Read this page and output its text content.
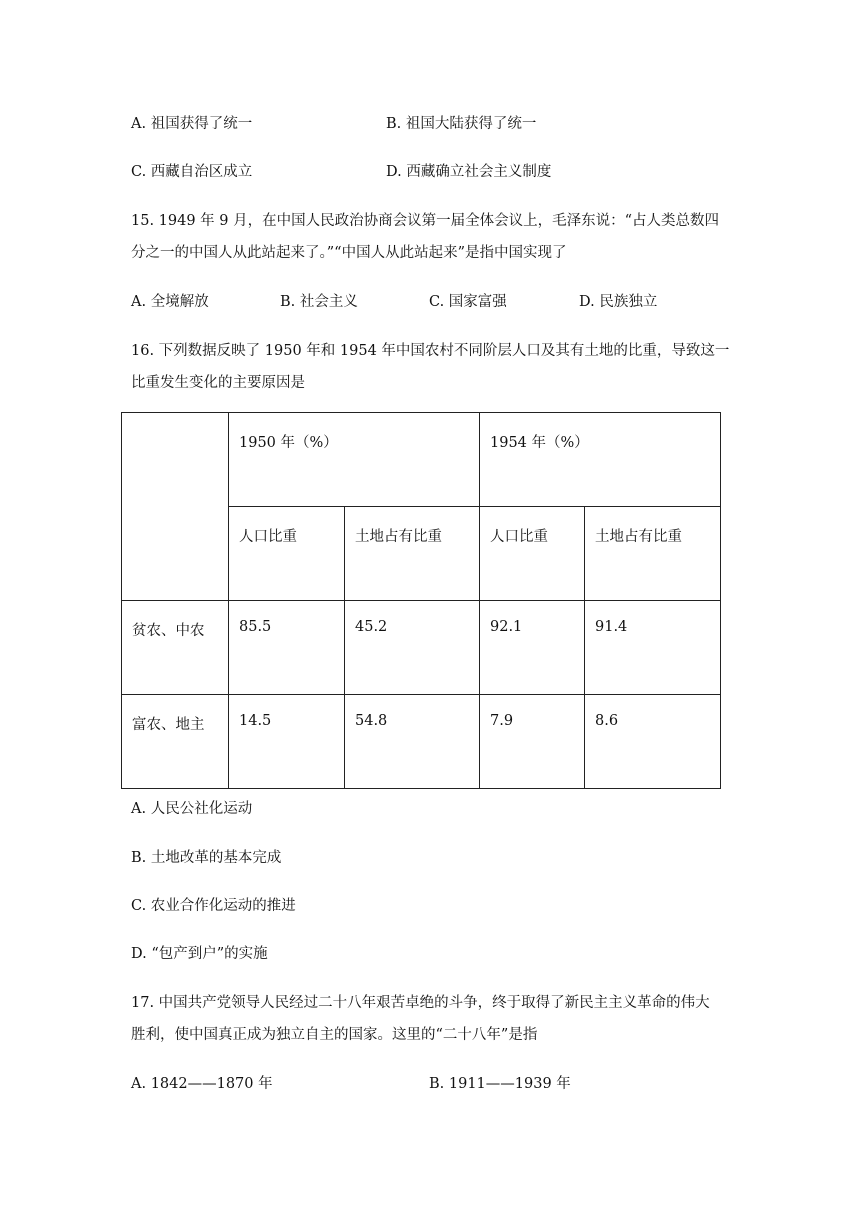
A. 祖国获得了统一	B. 祖国大陆获得了统一
C. 西藏自治区成立	D. 西藏确立社会主义制度
15. 1949 年 9 月，在中国人民政治协商会议第一届全体会议上，毛泽东说：“占人类总数四
分之一的中国人从此站起来了。”“中国人从此站起来”是指中国实现了
A. 全境解放	B. 社会主义	C. 国家富强	D. 民族独立
16. 下列数据反映了 1950 年和 1954 年中国农村不同阶层人口及其有土地的比重，导致这一
比重发生变化的主要原因是
	1950 年（%）		1954 年（%）	
	人口比重	土地占有比重	人口比重	土地占有比重
贫农、中农	85.5	45.2	92.1	91.4
富农、地主	14.5	54.8	7.9	8.6
A. 人民公社化运动
B. 土地改革的基本完成
C. 农业合作化运动的推进
D. “包产到户”的实施
17. 中国共产党领导人民经过二十八年艰苦卓绝的斗争，终于取得了新民主主义革命的伟大
胜利，使中国真正成为独立自主的国家。这里的“二十八年”是指
A. 1842——1870 年	B. 1911——1939 年
